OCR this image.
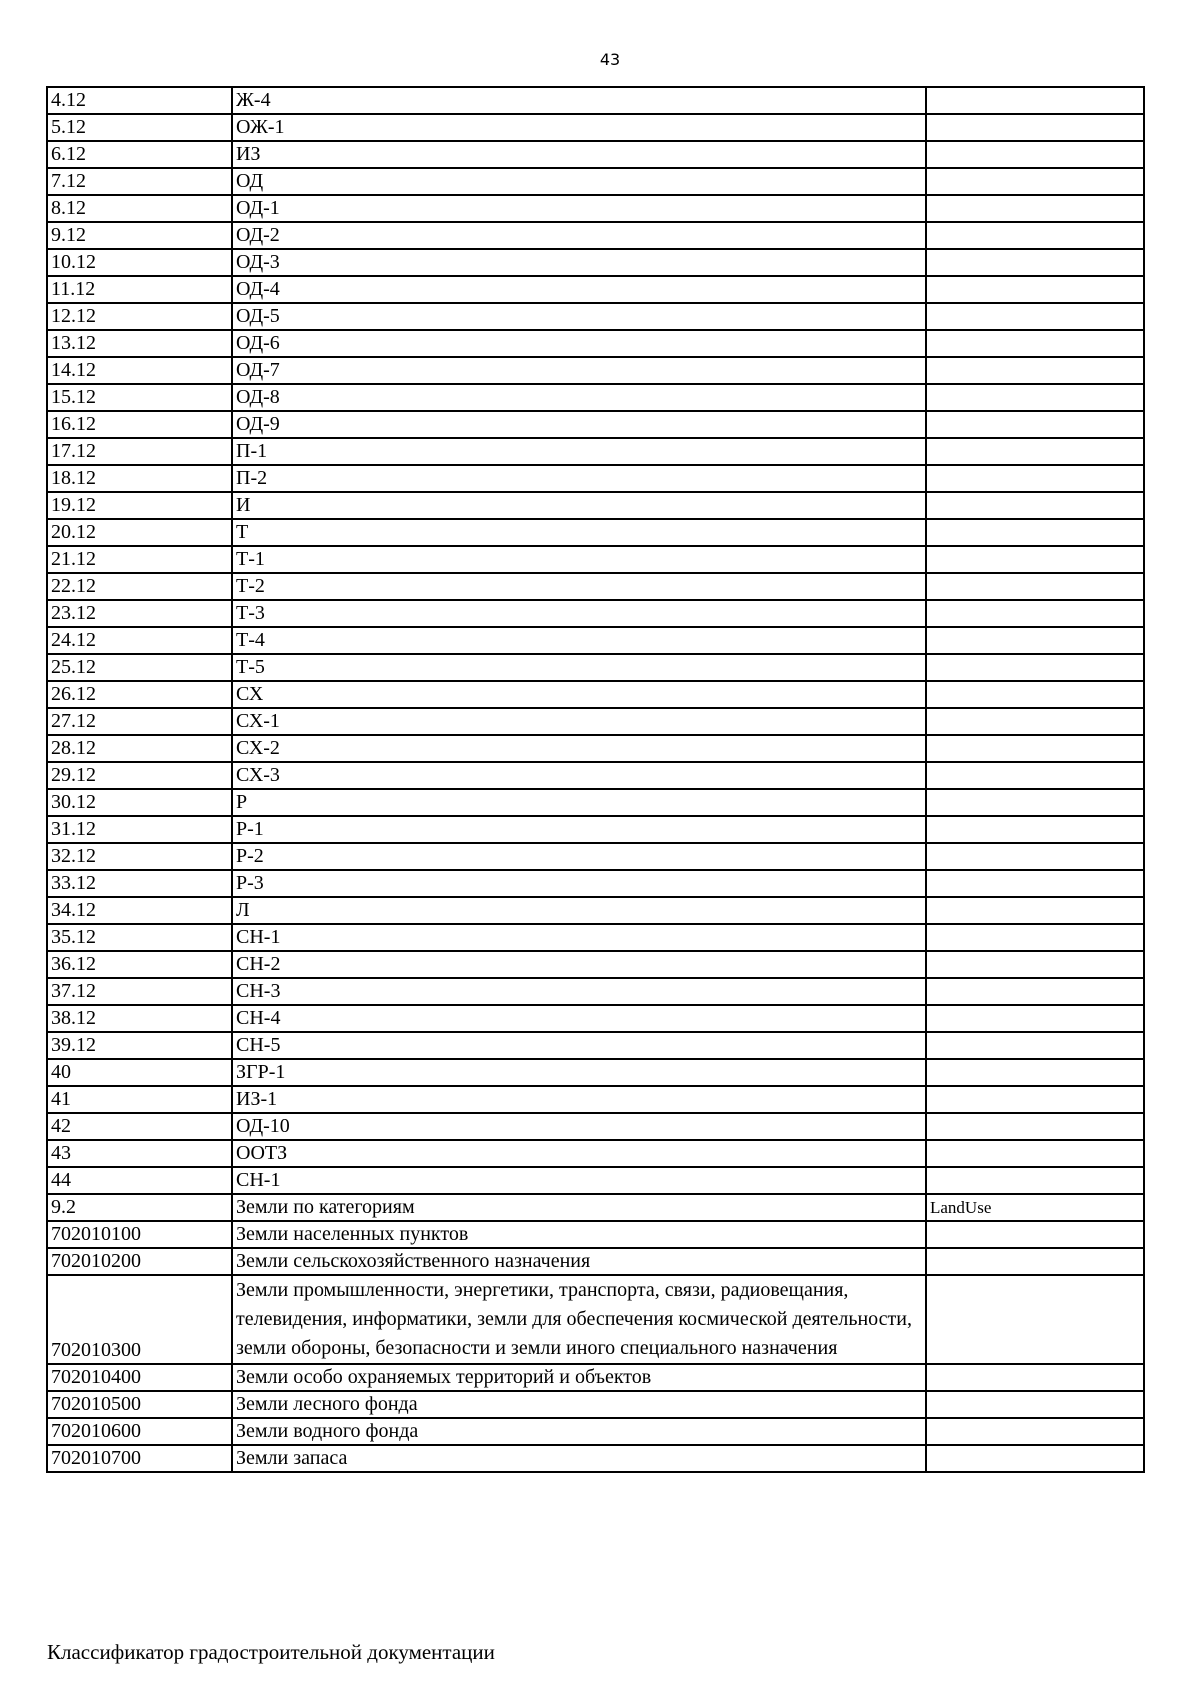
43
4.12	Ж-4	
5.12	ОЖ-1	
6.12	ИЗ	
7.12	ОД	
8.12	ОД-1	
9.12	ОД-2	
10.12	ОД-3	
11.12	ОД-4	
12.12	ОД-5	
13.12	ОД-6	
14.12	ОД-7	
15.12	ОД-8	
16.12	ОД-9	
17.12	П-1	
18.12	П-2	
19.12	И	
20.12	Т	
21.12	Т-1	
22.12	Т-2	
23.12	Т-3	
24.12	Т-4	
25.12	Т-5	
26.12	СХ	
27.12	СХ-1	
28.12	СХ-2	
29.12	СХ-3	
30.12	Р	
31.12	Р-1	
32.12	Р-2	
33.12	Р-3	
34.12	Л	
35.12	СН-1	
36.12	СН-2	
37.12	СН-3	
38.12	СН-4	
39.12	СН-5	
40	ЗГР-1	
41	ИЗ-1	
42	ОД-10	
43	ООТЗ	
44	СН-1	
9.2	Земли по категориям	LandUse
702010100	Земли населенных пунктов	
702010200	Земли сельскохозяйственного назначения	
702010300	Земли промышленности, энергетики, транспорта, связи, радиовещания, телевидения, информатики, земли для обеспечения космической деятельности, земли обороны, безопасности и земли иного специального назначения	
702010400	Земли особо охраняемых территорий и объектов	
702010500	Земли лесного фонда	
702010600	Земли водного фонда	
702010700	Земли запаса	
Классификатор градостроительной документации
